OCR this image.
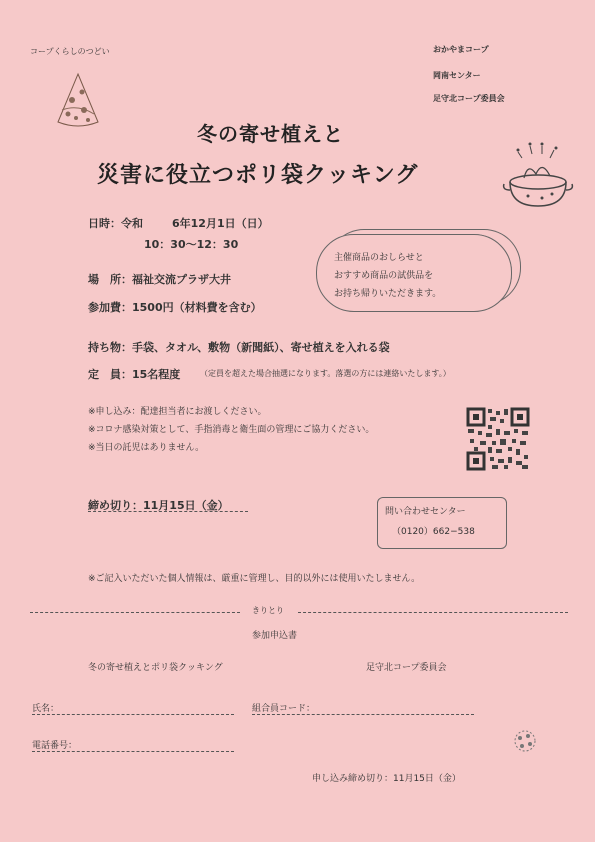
コープくらしのつどい	おかやまコープ
岡南センター
足守北コープ委員会
冬の寄せ植えと
災害に役立つポリ袋クッキング
日時：令和	6年12月1日（日）
10：30〜12：30
場　所：福祉交流プラザ大井
参加費：1500円（材料費を含む）
主催商品のおしらせと
おすすめ商品の試供品を
お持ち帰りいただきます。
持ち物：手袋、タオル、敷物（新聞紙）、寄せ植えを入れる袋
定　員：15名程度 （定員を超えた場合抽選になります。落選の方には連絡いたします。）
※申し込み：配達担当者にお渡しください。
※コロナ感染対策として、手指消毒と衛生面の管理にご協力ください。
※当日の託児はありません。
締め切り：11月15日（金）	問い合わせセンター
（0120）662−538
※ご記入いただいた個人情報は、厳重に管理し、目的以外には使用いたしません。
きりとり
参加申込書
冬の寄せ植えとポリ袋クッキング	足守北コープ委員会
氏名：	組合員コード：
電話番号：
申し込み締め切り：11月15日（金）
